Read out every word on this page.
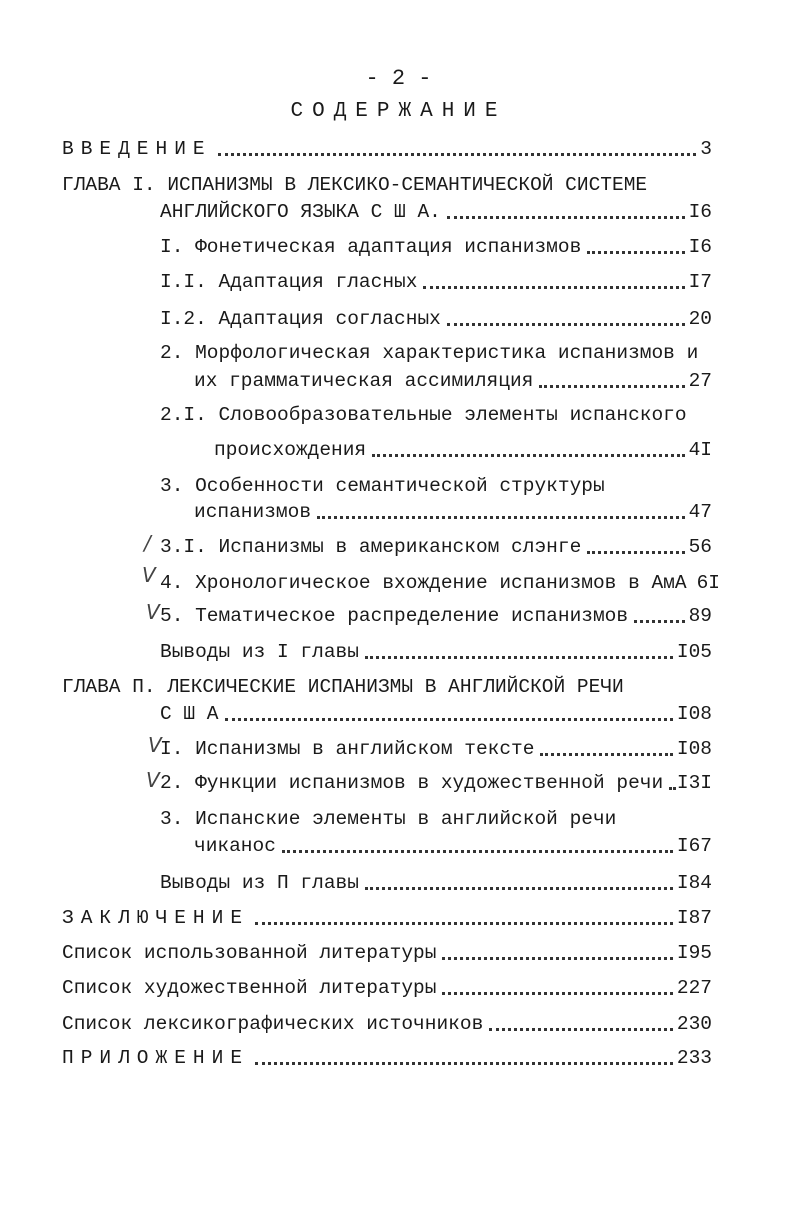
- 2 -
СОДЕРЖАНИЕ
ВВЕДЕНИЕ	3
ГЛАВА I. ИСПАНИЗМЫ В ЛЕКСИКО-СЕМАНТИЧЕСКОЙ СИСТЕМЕ
АНГЛИЙСКОГО ЯЗЫКА С Ш А.	I6
I. Фонетическая адаптация испанизмов	I6
I.I. Адаптация гласных	I7
I.2. Адаптация согласных	20
2. Морфологическая характеристика испанизмов и
их грамматическая ассимиляция	27
2.I. Словообразовательные элементы испанского
происхождения	4I
3. Особенности семантической структуры
испанизмов	47
3.I. Испанизмы в американском слэнге	56
4. Хронологическое вхождение испанизмов в АмА 6I
5. Тематическое распределение испанизмов	89
Выводы из I главы	I05
ГЛАВА П. ЛЕКСИЧЕСКИЕ ИСПАНИЗМЫ В АНГЛИЙСКОЙ РЕЧИ
С Ш А	I08
I. Испанизмы в английском тексте	I08
2. Функции испанизмов в художественной речи I3I
3. Испанские элементы в английской речи
чиканос	I67
Выводы из П главы	I84
ЗАКЛЮЧЕНИЕ	I87
Список использованной литературы	I95
Список художественной литературы	227
Список лексикографических источников	230
ПРИЛОЖЕНИЕ	233
/
V
V
V
V
